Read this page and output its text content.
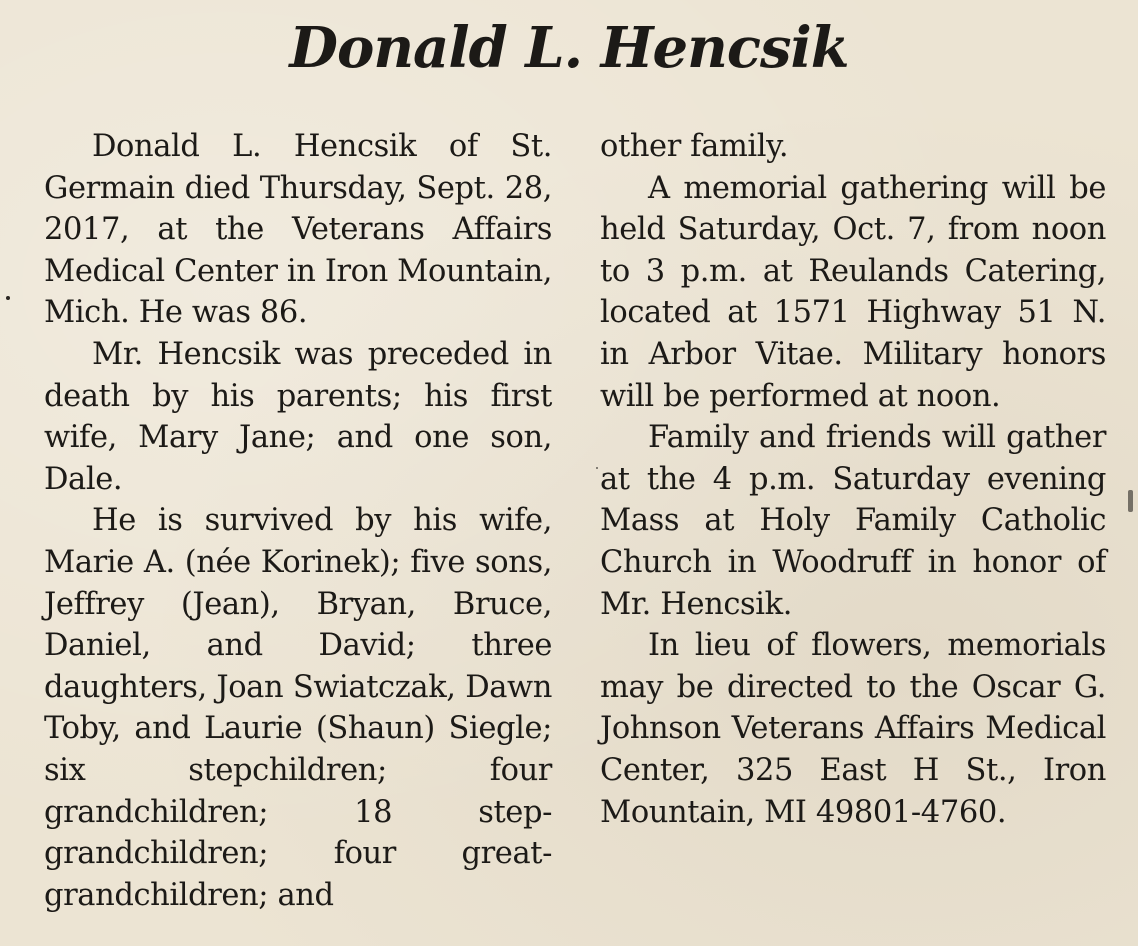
Donald L. Hencsik

Donald L. Hencsik of St. Germain died Thursday, Sept. 28, 2017, at the Veterans Affairs Medical Center in Iron Mountain, Mich. He was 86.

Mr. Hencsik was preceded in death by his parents; his first wife, Mary Jane; and one son, Dale.

He is survived by his wife, Marie A. (née Korinek); five sons, Jeffrey (Jean), Bryan, Bruce, Daniel, and David; three daughters, Joan Swiatczak, Dawn Toby, and Laurie (Shaun) Siegle; six stepchildren; four grandchildren; 18 step-grandchildren; four great-grandchildren; and

other family.

A memorial gathering will be held Saturday, Oct. 7, from noon to 3 p.m. at Reulands Catering, located at 1571 Highway 51 N. in Arbor Vitae. Military honors will be performed at noon.

Family and friends will gather at the 4 p.m. Saturday evening Mass at Holy Family Catholic Church in Woodruff in honor of Mr. Hencsik.

In lieu of flowers, memorials may be directed to the Oscar G. Johnson Veterans Affairs Medical Center, 325 East H St., Iron Mountain, MI 49801-4760.
